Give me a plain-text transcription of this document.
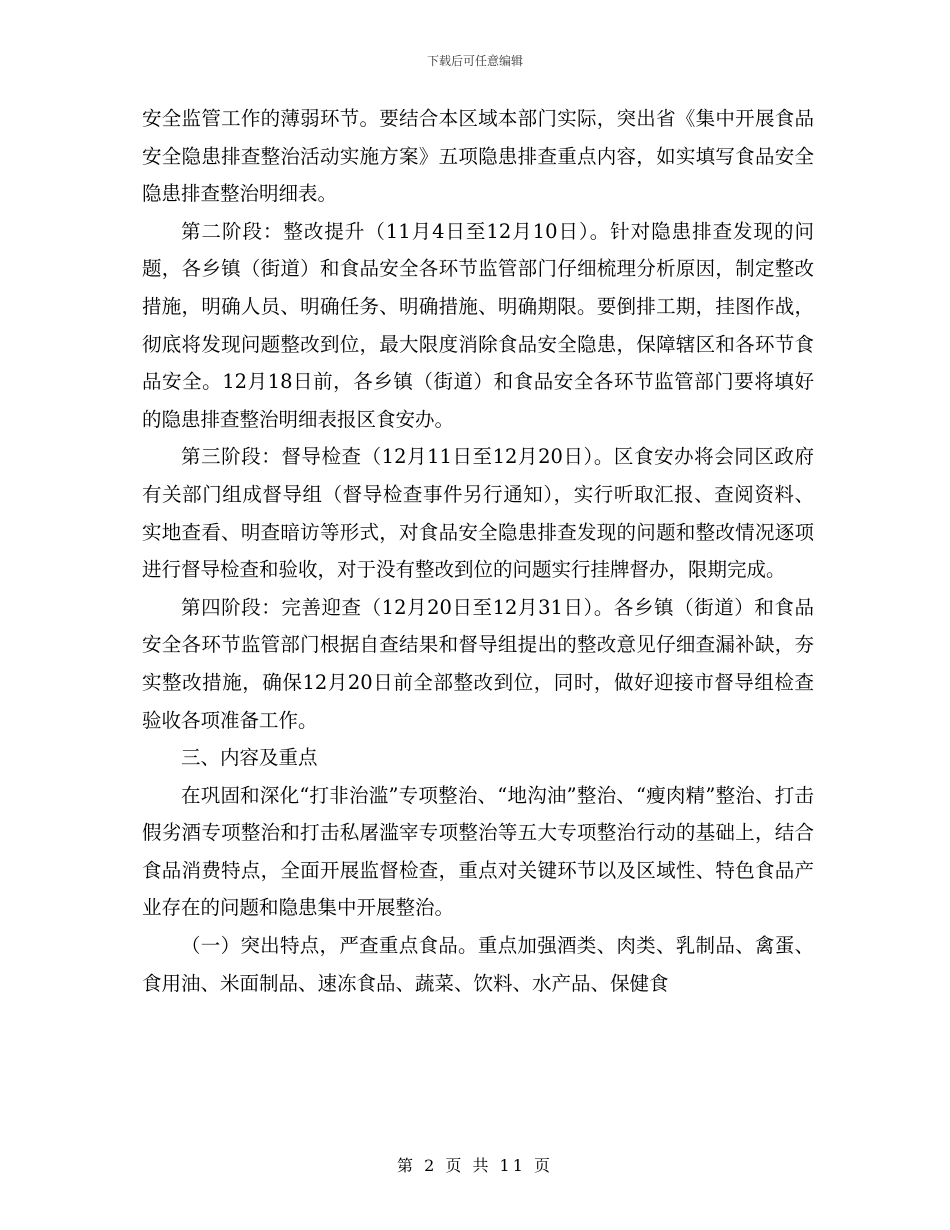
下载后可任意编辑

安全监管工作的薄弱环节。要结合本区域本部门实际，突出省《集中开展食品安全隐患排查整治活动实施方案》五项隐患排查重点内容，如实填写食品安全隐患排查整治明细表。

第二阶段：整改提升（11月4日至12月10日）。针对隐患排查发现的问题，各乡镇（街道）和食品安全各环节监管部门仔细梳理分析原因，制定整改措施，明确人员、明确任务、明确措施、明确期限。要倒排工期，挂图作战，彻底将发现问题整改到位，最大限度消除食品安全隐患，保障辖区和各环节食品安全。12月18日前，各乡镇（街道）和食品安全各环节监管部门要将填好的隐患排查整治明细表报区食安办。

第三阶段：督导检查（12月11日至12月20日）。区食安办将会同区政府有关部门组成督导组（督导检查事件另行通知），实行听取汇报、查阅资料、实地查看、明查暗访等形式，对食品安全隐患排查发现的问题和整改情况逐项进行督导检查和验收，对于没有整改到位的问题实行挂牌督办，限期完成。

第四阶段：完善迎查（12月20日至12月31日）。各乡镇（街道）和食品安全各环节监管部门根据自查结果和督导组提出的整改意见仔细查漏补缺，夯实整改措施，确保12月20日前全部整改到位，同时，做好迎接市督导组检查验收各项准备工作。

三、内容及重点

在巩固和深化“打非治滥”专项整治、“地沟油”整治、“瘦肉精”整治、打击假劣酒专项整治和打击私屠滥宰专项整治等五大专项整治行动的基础上，结合食品消费特点，全面开展监督检查，重点对关键环节以及区域性、特色食品产业存在的问题和隐患集中开展整治。

（一）突出特点，严查重点食品。重点加强酒类、肉类、乳制品、禽蛋、食用油、米面制品、速冻食品、蔬菜、饮料、水产品、保健食

第 2 页 共 11 页
